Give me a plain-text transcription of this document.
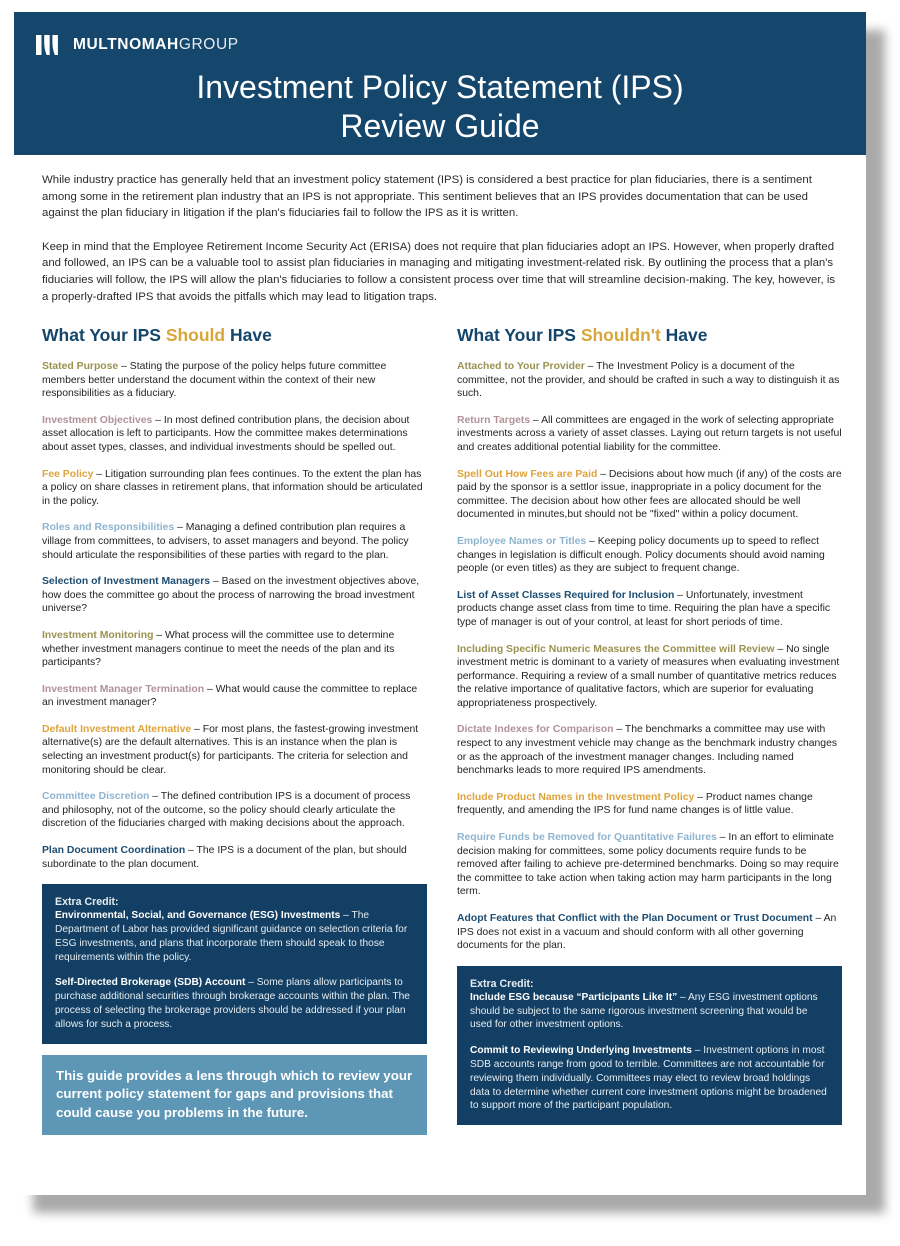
MULTNOMAHGROUP
Investment Policy Statement (IPS)
Review Guide

While industry practice has generally held that an investment policy statement (IPS) is considered a best practice for plan fiduciaries, there is a sentiment among some in the retirement plan industry that an IPS is not appropriate. This sentiment believes that an IPS provides documentation that can be used against the plan fiduciary in litigation if the plan's fiduciaries fail to follow the IPS as it is written.

Keep in mind that the Employee Retirement Income Security Act (ERISA) does not require that plan fiduciaries adopt an IPS. However, when properly drafted and followed, an IPS can be a valuable tool to assist plan fiduciaries in managing and mitigating investment-related risk. By outlining the process that a plan's fiduciaries will follow, the IPS will allow the plan's fiduciaries to follow a consistent process over time that will streamline decision-making. The key, however, is a properly-drafted IPS that avoids the pitfalls which may lead to litigation traps.

What Your IPS Should Have

Stated Purpose – Stating the purpose of the policy helps future committee members better understand the document within the context of their new responsibilities as a fiduciary.

Investment Objectives – In most defined contribution plans, the decision about asset allocation is left to participants. How the committee makes determinations about asset types, classes, and individual investments should be spelled out.

Fee Policy – Litigation surrounding plan fees continues. To the extent the plan has a policy on share classes in retirement plans, that information should be articulated in the policy.

Roles and Responsibilities – Managing a defined contribution plan requires a village from committees, to advisers, to asset managers and beyond. The policy should articulate the responsibilities of these parties with regard to the plan.

Selection of Investment Managers – Based on the investment objectives above, how does the committee go about the process of narrowing the broad investment universe?

Investment Monitoring – What process will the committee use to determine whether investment managers continue to meet the needs of the plan and its participants?

Investment Manager Termination – What would cause the committee to replace an investment manager?

Default Investment Alternative – For most plans, the fastest-growing investment alternative(s) are the default alternatives. This is an instance when the plan is selecting an investment product(s) for participants. The criteria for selection and monitoring should be clear.

Committee Discretion – The defined contribution IPS is a document of process and philosophy, not of the outcome, so the policy should clearly articulate the discretion of the fiduciaries charged with making decisions about the approach.

Plan Document Coordination – The IPS is a document of the plan, but should subordinate to the plan document.

Extra Credit:

Environmental, Social, and Governance (ESG) Investments – The Department of Labor has provided significant guidance on selection criteria for ESG investments, and plans that incorporate them should speak to those requirements within the policy.

Self-Directed Brokerage (SDB) Account – Some plans allow participants to purchase additional securities through brokerage accounts within the plan. The process of selecting the brokerage providers should be addressed if your plan allows for such a process.

This guide provides a lens through which to review your current policy statement for gaps and provisions that could cause you problems in the future.
What Your IPS Shouldn't Have

Attached to Your Provider – The Investment Policy is a document of the committee, not the provider, and should be crafted in such a way to distinguish it as such.

Return Targets – All committees are engaged in the work of selecting appropriate investments across a variety of asset classes. Laying out return targets is not useful and creates additional potential liability for the committee.

Spell Out How Fees are Paid – Decisions about how much (if any) of the costs are paid by the sponsor is a settlor issue, inappropriate in a policy document for the committee. The decision about how other fees are allocated should be well documented in minutes,but should not be "fixed" within a policy document.

Employee Names or Titles – Keeping policy documents up to speed to reflect changes in legislation is difficult enough. Policy documents should avoid naming people (or even titles) as they are subject to frequent change.

List of Asset Classes Required for Inclusion – Unfortunately, investment products change asset class from time to time. Requiring the plan have a specific type of manager is out of your control, at least for short periods of time.

Including Specific Numeric Measures the Committee will Review – No single investment metric is dominant to a variety of measures when evaluating investment performance. Requiring a review of a small number of quantitative metrics reduces the relative importance of qualitative factors, which are superior for evaluating appropriateness prospectively.

Dictate Indexes for Comparison – The benchmarks a committee may use with respect to any investment vehicle may change as the benchmark industry changes or as the approach of the investment manager changes. Including named benchmarks leads to more required IPS amendments.

Include Product Names in the Investment Policy – Product names change frequently, and amending the IPS for fund name changes is of little value.

Require Funds be Removed for Quantitative Failures – In an effort to eliminate decision making for committees, some policy documents require funds to be removed after failing to achieve pre-determined benchmarks. Doing so may require the committee to take action when taking action may harm participants in the long term.

Adopt Features that Conflict with the Plan Document or Trust Document – An IPS does not exist in a vacuum and should conform with all other governing documents for the plan.

Extra Credit:

Include ESG because “Participants Like It” – Any ESG investment options should be subject to the same rigorous investment screening that would be used for other investment options.

Commit to Reviewing Underlying Investments – Investment options in most SDB accounts range from good to terrible. Committees are not accountable for reviewing them individually. Committees may elect to review broad holdings data to determine whether current core investment options might be broadened to support more of the participant population.
